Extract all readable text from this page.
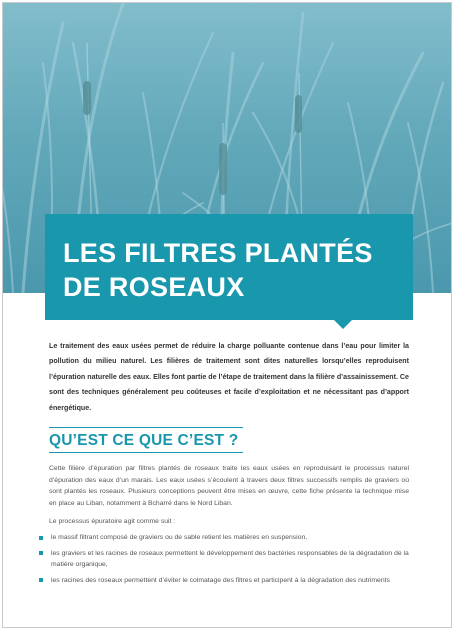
LES FILTRES PLANTÉS
DE ROSEAUX
Le traitement des eaux usées permet de réduire la charge polluante contenue dans l’eau pour limiter la pollution du milieu naturel. Les filières de traitement sont dites naturelles lorsqu’elles reproduisent l’épuration naturelle des eaux. Elles font partie de l’étape de traitement dans la filière d’assainissement. Ce sont des techniques généralement peu coûteuses et facile d’exploitation et ne nécessitant pas d’apport énergétique.
QU’EST CE QUE C’EST ?
Cette filière d’épuration par filtres plantés de roseaux traite les eaux usées en reproduisant le processus naturel d’épuration des eaux d’un marais. Les eaux usées s’écoulent à travers deux filtres successifs remplis de graviers où sont plantés les roseaux. Plusieurs conceptions peuvent être mises en œuvre, cette fiche présente la technique mise en place au Liban, notamment à Bcharré dans le Nord Liban.
Le processus épuratoire agit comme suit :
le massif filtrant composé de graviers ou de sable retient les matières en suspension,
les graviers et les racines de roseaux permettent le développement des bactéries responsables de la dégradation de la matière organique,
les racines des roseaux permettent d’éviter le colmatage des filtres et participent à la dégradation des nutriments
